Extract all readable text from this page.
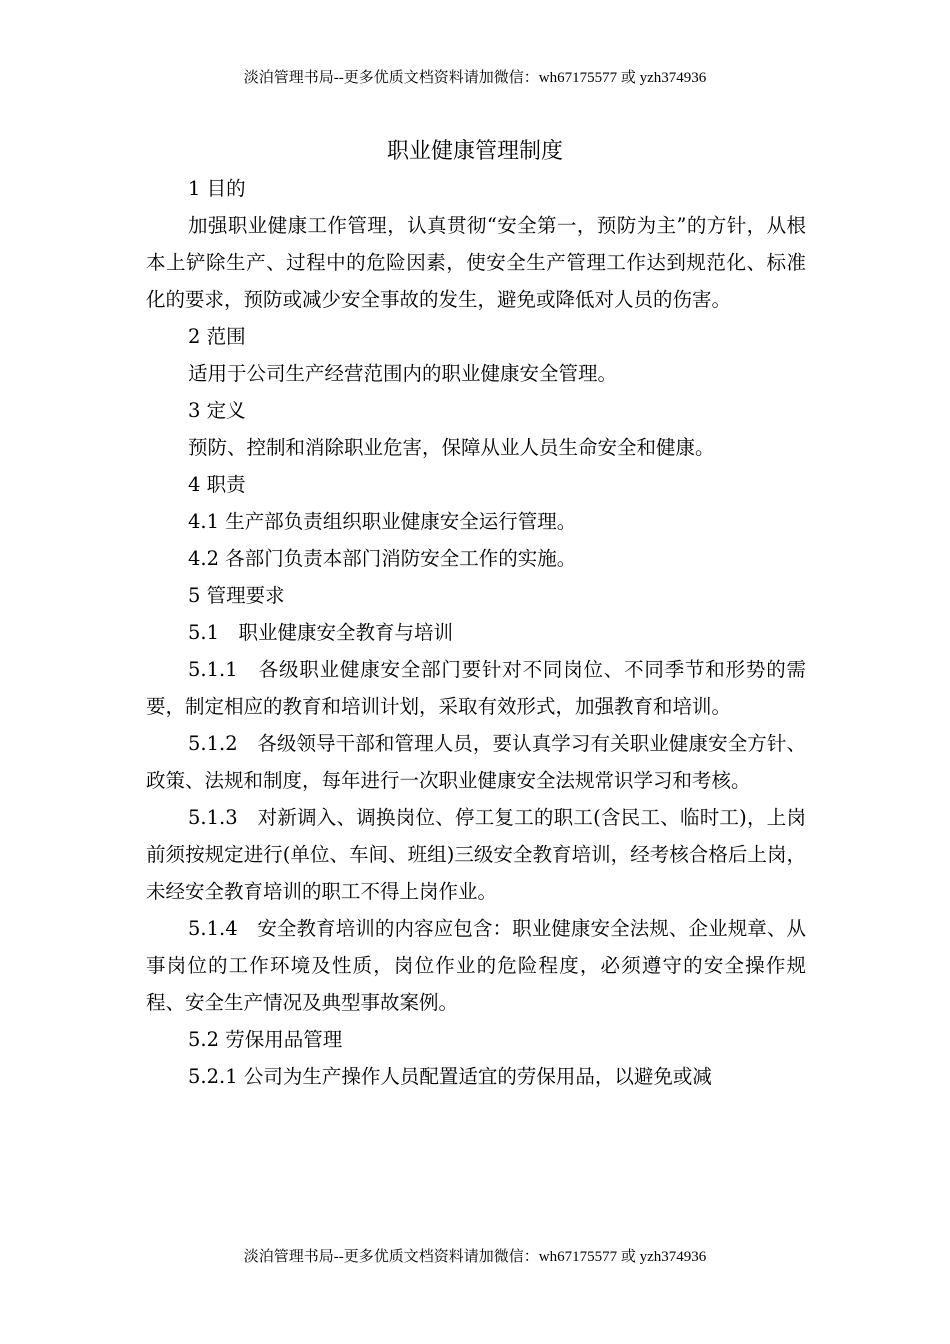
淡泊管理书局--更多优质文档资料请加微信：wh67175577 或 yzh374936
职业健康管理制度

1 目的

加强职业健康工作管理，认真贯彻“安全第一，预防为主”的方针，从根本上铲除生产、过程中的危险因素，使安全生产管理工作达到规范化、标准化的要求，预防或减少安全事故的发生，避免或降低对人员的伤害。

2 范围

适用于公司生产经营范围内的职业健康安全管理。

3 定义

预防、控制和消除职业危害，保障从业人员生命安全和健康。

4 职责

4.1 生产部负责组织职业健康安全运行管理。

4.2 各部门负责本部门消防安全工作的实施。

5 管理要求

5.1　职业健康安全教育与培训

5.1.1　各级职业健康安全部门要针对不同岗位、不同季节和形势的需要，制定相应的教育和培训计划，采取有效形式，加强教育和培训。

5.1.2　各级领导干部和管理人员，要认真学习有关职业健康安全方针、政策、法规和制度，每年进行一次职业健康安全法规常识学习和考核。

5.1.3　对新调入、调换岗位、停工复工的职工(含民工、临时工)，上岗前须按规定进行(单位、车间、班组)三级安全教育培训，经考核合格后上岗，未经安全教育培训的职工不得上岗作业。

5.1.4　安全教育培训的内容应包含：职业健康安全法规、企业规章、从事岗位的工作环境及性质，岗位作业的危险程度，必须遵守的安全操作规程、安全生产情况及典型事故案例。

5.2 劳保用品管理

5.2.1 公司为生产操作人员配置适宜的劳保用品，以避免或减

淡泊管理书局--更多优质文档资料请加微信：wh67175577 或 yzh374936
